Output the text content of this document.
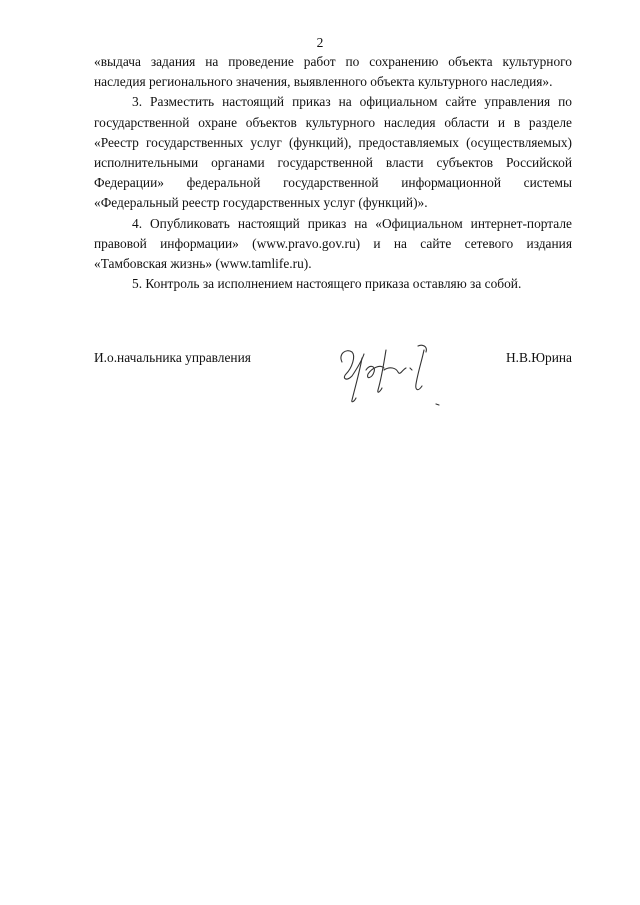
2

«выдача задания на проведение работ по сохранению объекта культурного наследия регионального значения, выявленного объекта культурного наследия».

3. Разместить настоящий приказ на официальном сайте управления по государственной охране объектов культурного наследия области и в разделе «Реестр государственных услуг (функций), предоставляемых (осуществляемых) исполнительными органами государственной власти субъектов Российской Федерации» федеральной государственной информационной системы «Федеральный реестр государственных услуг (функций)».

4. Опубликовать настоящий приказ на «Официальном интернет-портале правовой информации» (www.pravo.gov.ru) и на сайте сетевого издания «Тамбовская жизнь» (www.tamlife.ru).

5. Контроль за исполнением настоящего приказа оставляю за собой.

И.о.начальника управления	Н.В.Юрина
